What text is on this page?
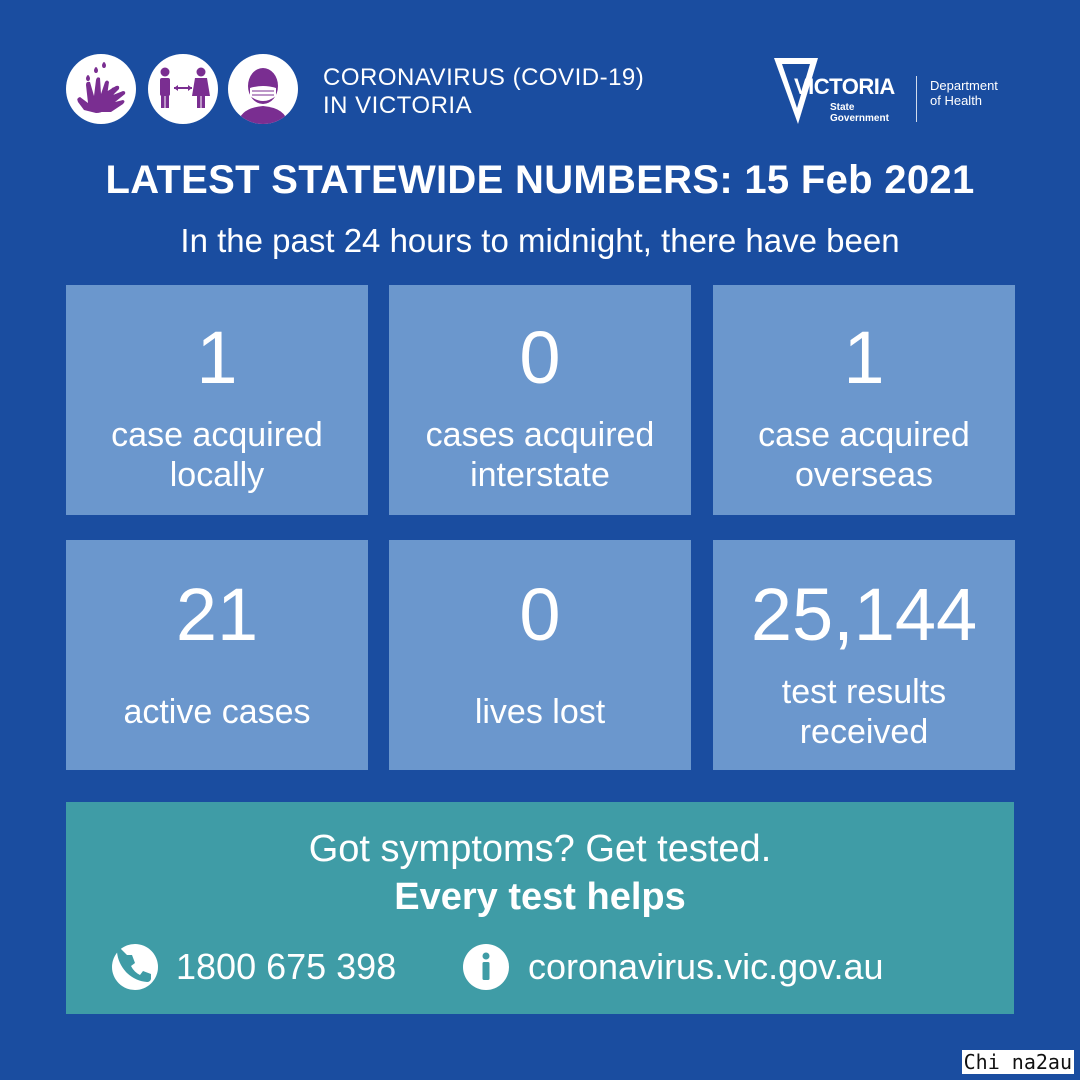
CORONAVIRUS (COVID-19)
IN VICTORIA
VICTORIA
State
Government
Department
of Health
LATEST STATEWIDE NUMBERS: 15 Feb 2021
In the past 24 hours to midnight, there have been
1
case acquired
locally
0
cases acquired
interstate
1
case acquired
overseas
21
active cases
0
lives lost
25,144
test results
received
Got symptoms? Get tested.
Every test helps
1800 675 398	coronavirus.vic.gov.au
Chi na2au
